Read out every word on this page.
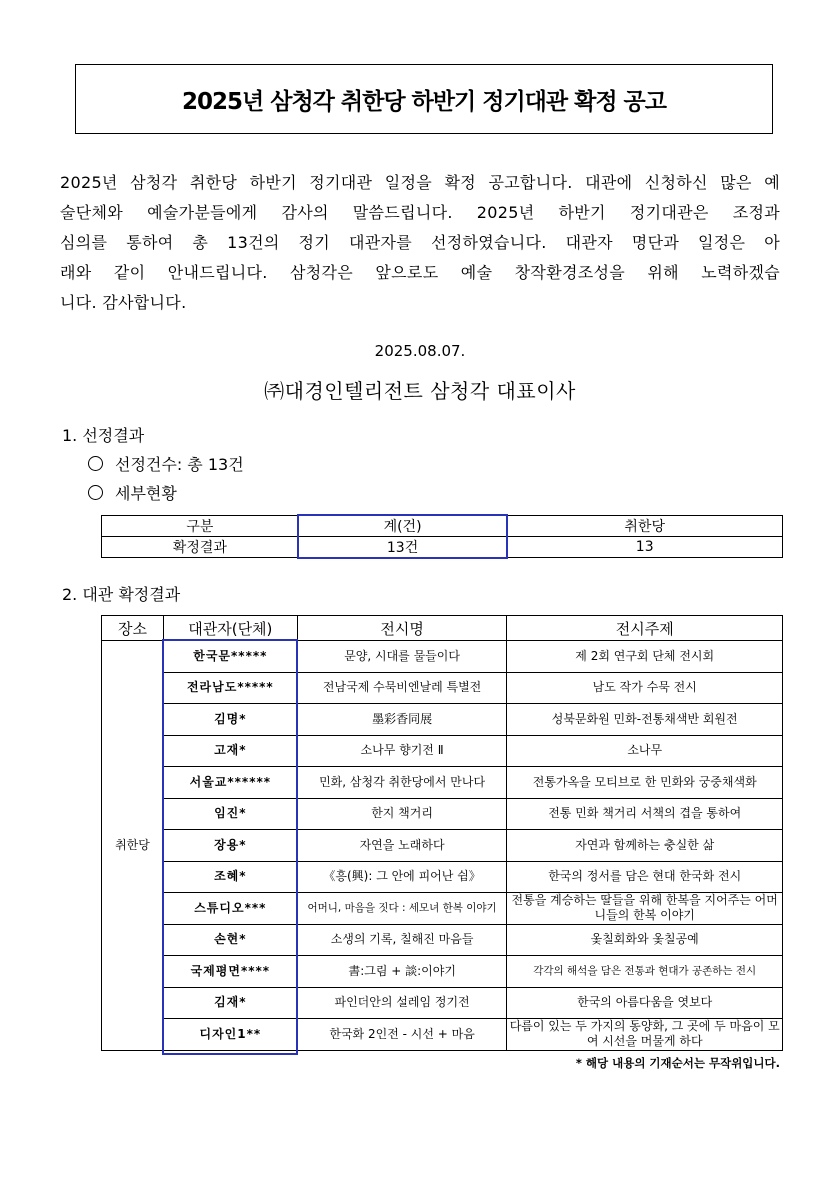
2025년 삼청각 취한당 하반기 정기대관 확정 공고

2025년 삼청각 취한당 하반기 정기대관 일정을 확정 공고합니다. 대관에 신청하신 많은 예
술단체와 예술가분들에게 감사의 말씀드립니다. 2025년 하반기 정기대관은 조정과
심의를 통하여 총 13건의 정기 대관자를 선정하였습니다. 대관자 명단과 일정은 아
래와 같이 안내드립니다. 삼청각은 앞으로도 예술 창작환경조성을 위해 노력하겠습
니다. 감사합니다.

2025.08.07.
㈜대경인텔리전트 삼청각 대표이사
1. 선정결과
선정건수: 총 13건
세부현황
구분	계(건)	취한당
확정결과	13건	13
2. 대관 확정결과
장소	대관자(단체)	전시명	전시주제
취한당	한국문*****	문양, 시대를 물들이다	제 2회 연구회 단체 전시회
	전라남도*****	전남국제 수묵비엔날레 특별전	남도 작가 수묵 전시
	김명*	墨彩香同展	성북문화원 민화-전통채색반 회원전
	고재*	소나무 향기전 Ⅱ	소나무
	서울교******	민화, 삼청각 취한당에서 만나다	전통가옥을 모티브로 한 민화와 궁중채색화
	임진*	한지 책거리	전통 민화 책거리 서책의 겹을 통하여
	장용*	자연을 노래하다	자연과 함께하는 충실한 삶
	조혜*	《흥(興): 그 안에 피어난 쉼》	한국의 정서를 담은 현대 한국화 전시
	스튜디오***	어머니, 마음을 짓다 : 세모녀 한복 이야기	전통을 계승하는 딸들을 위해 한복을 지어주는 어머니들의 한복 이야기
	손현*	소생의 기록, 칠해진 마음들	옻칠회화와 옻칠공예
	국제평면****	書:그림 + 談:이야기	각각의 해석을 담은 전통과 현대가 공존하는 전시
	김재*	파인더안의 설레임 정기전	한국의 아름다움을 엿보다
	디자인1**	한국화 2인전 - 시선 + 마음	다름이 있는 두 가지의 동양화, 그 곳에 두 마음이 모여 시선을 머물게 하다
* 해당 내용의 기재순서는 무작위입니다.
